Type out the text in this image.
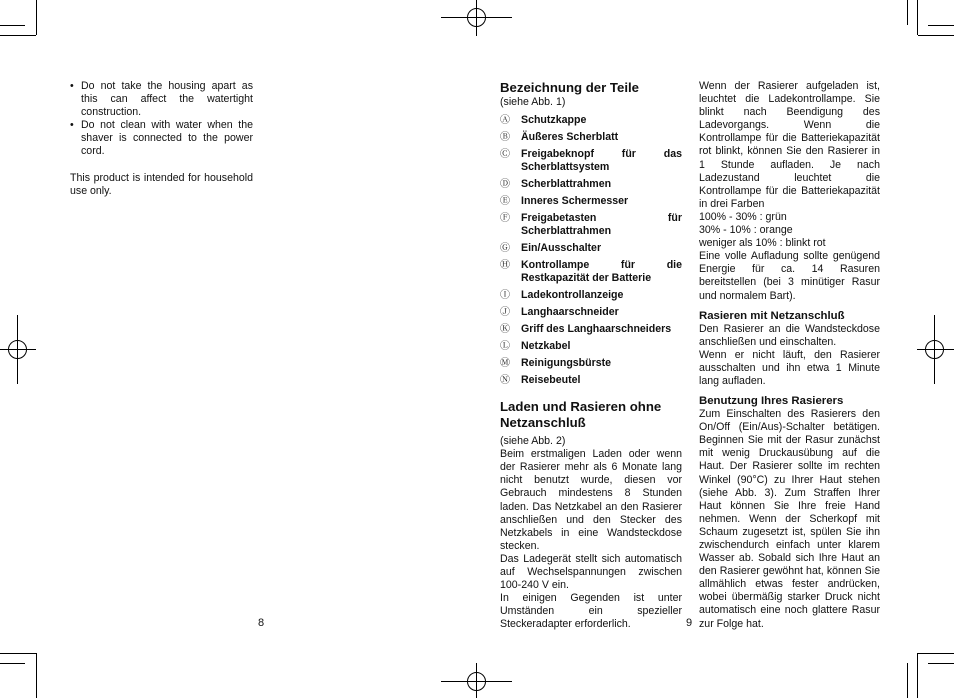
• Do not take the housing apart as this can affect the watertight construction.
• Do not clean with water when the shaver is connected to the power cord.

This product is intended for household use only.

8
Bezeichnung der Teile
(siehe Abb. 1)
Ⓐ	Schutzkappe
Ⓑ	Äußeres Scherblatt
Ⓒ	Freigabeknopf für das Scherblattsystem
Ⓓ	Scherblattrahmen
Ⓔ	Inneres Schermesser
Ⓕ	Freigabetasten für Scherblattrahmen
Ⓖ	Ein/Ausschalter
Ⓗ	Kontrollampe für die Restkapazität der Batterie
Ⓘ	Ladekontrollanzeige
Ⓙ	Langhaarschneider
Ⓚ	Griff des Langhaarschneiders
Ⓛ	Netzkabel
Ⓜ	Reinigungsbürste
Ⓝ	Reisebeutel
Laden und Rasieren ohne Netzanschluß
(siehe Abb. 2)

Beim erstmaligen Laden oder wenn der Rasierer mehr als 6 Monate lang nicht benutzt wurde, diesen vor Gebrauch mindestens 8 Stunden laden. Das Netzkabel an den Rasierer anschließen und den Stecker des Netzkabels in eine Wandsteckdose stecken.

Das Ladegerät stellt sich automatisch auf Wechselspannungen zwischen 100-240 V ein.

In einigen Gegenden ist unter Umständen ein spezieller Steckeradapter erforderlich.

Wenn der Rasierer aufgeladen ist, leuchtet die Ladekontrollampe. Sie blinkt nach Beendigung des Ladevorgangs. Wenn die Kontrollampe für die Batteriekapazität rot blinkt, können Sie den Rasierer in 1 Stunde aufladen. Je nach Ladezustand leuchtet die Kontrollampe für die Batteriekapazität in drei Farben

100% - 30% : grün
30% - 10% : orange
weniger als 10% : blinkt rot

Eine volle Aufladung sollte genügend Energie für ca. 14 Rasuren bereitstellen (bei 3 minütiger Rasur und normalem Bart).

Rasieren mit Netzanschluß

Den Rasierer an die Wandsteckdose anschließen und einschalten.

Wenn er nicht läuft, den Rasierer ausschalten und ihn etwa 1 Minute lang aufladen.

Benutzung Ihres Rasierers

Zum Einschalten des Rasierers den On/Off (Ein/Aus)-Schalter betätigen. Beginnen Sie mit der Rasur zunächst mit wenig Druckausübung auf die Haut. Der Rasierer sollte im rechten Winkel (90°C) zu Ihrer Haut stehen (siehe Abb. 3). Zum Straffen Ihrer Haut können Sie Ihre freie Hand nehmen. Wenn der Scherkopf mit Schaum zugesetzt ist, spülen Sie ihn zwischendurch einfach unter klarem Wasser ab. Sobald sich Ihre Haut an den Rasierer gewöhnt hat, können Sie allmählich etwas fester andrücken, wobei übermäßig starker Druck nicht automatisch eine noch glattere Rasur zur Folge hat.

9
